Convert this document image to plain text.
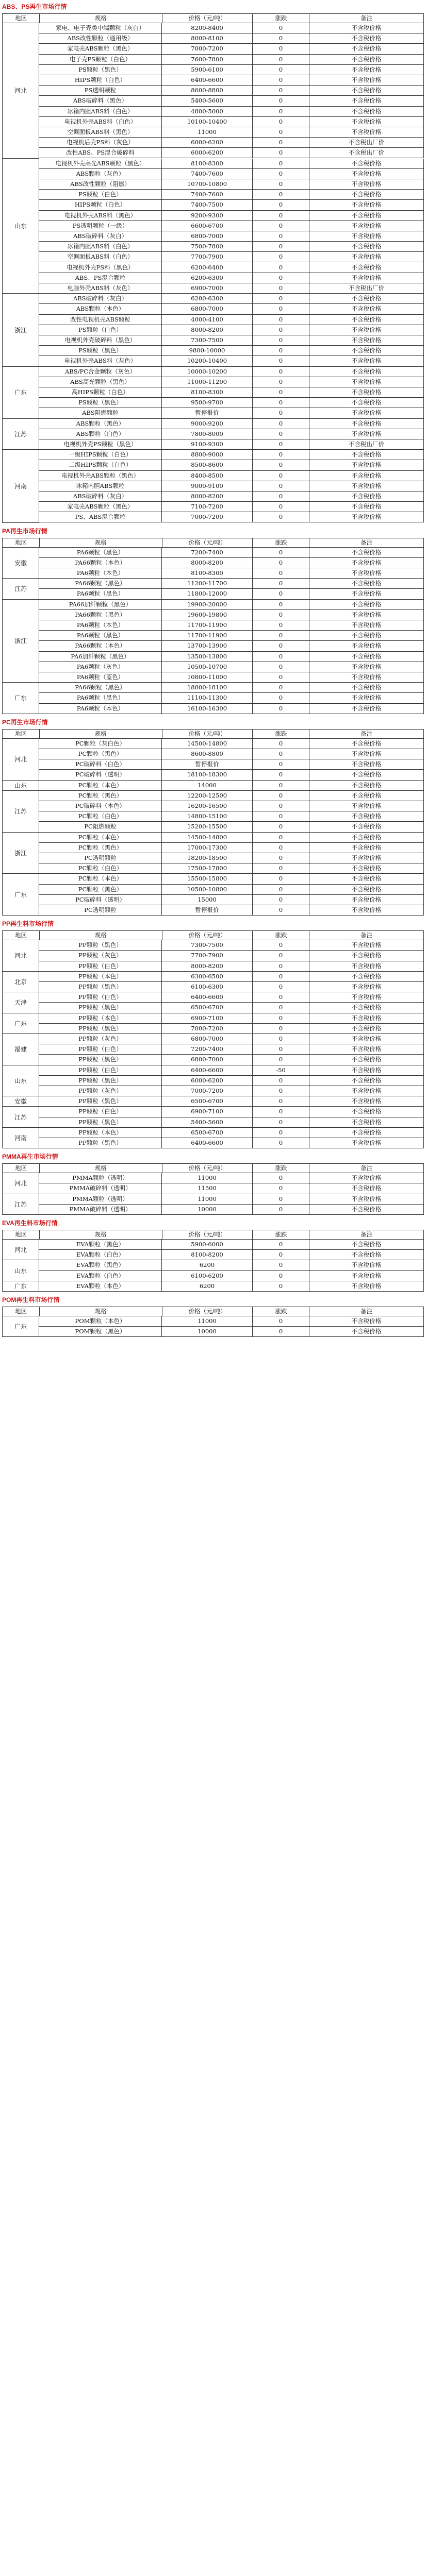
ABS、PS再生市场行情
地区	规格	价格（元/吨）	涨跌	备注
河北
家电、电子壳类中端颗粒（灰白）	8200-8400	0	不含税价格
ABS改性颗粒（通用级）	8000-8100	0	不含税价格
家电壳ABS颗粒（黑色）	7000-7200	0	不含税价格
电子壳PS颗粒（白色）	7600-7800	0	不含税价格
PS颗粒（黑色）	5900-6100	0	不含税价格
HIPS颗粒（白色）	6400-6600	0	不含税价格
PS透明颗粒	8600-8800	0	不含税价格
ABS破碎料（黑色）	5400-5600	0	不含税价格
冰箱内胆ABS料（白色）	4800-5000	0	不含税价格
电视机外壳ABS料（白色）	10100-10400	0	不含税价格
空调面板ABS料（黑色）	11000	0	不含税价格
电视机后壳PS料（灰色）	6000-6200	0	不含税出厂价
改性ABS、PS混合破碎料	6000-6200	0	不含税出厂价
山东
电视机外壳高光ABS颗粒（黑色）	8100-8300	0	不含税价格
ABS颗粒（灰色）	7400-7600	0	不含税价格
ABS改性颗粒（阻燃）	10700-10800	0	不含税价格
PS颗粒（白色）	7400-7600	0	不含税价格
HIPS颗粒（白色）	7400-7500	0	不含税价格
电视机外壳ABS料（黑色）	9200-9300	0	不含税价格
PS透明颗粒（一级）	6600-6700	0	不含税价格
ABS破碎料（灰白）	6800-7000	0	不含税价格
冰箱内胆ABS料（白色）	7500-7800	0	不含税价格
空调面板ABS料（白色）	7700-7900	0	不含税价格
电视机外壳PS料（黑色）	6200-6400	0	不含税价格
ABS、PS混合颗粒	6200-6300	0	不含税价格
电脑外壳ABS料（灰色）	6900-7000	0	不含税出厂价
浙江
ABS破碎料（灰白）	6200-6300	0	不含税价格
ABS颗粒（本色）	6800-7000	0	不含税价格
改性电视机壳ABS颗粒	4000-4100	0	不含税价格
PS颗粒（白色）	8000-8200	0	不含税价格
电视机外壳破碎料（黑色）	7300-7500	0	不含税价格
PS颗粒（黑色）	9800-10000	0	不含税价格
电视机外壳ABS料（灰色）	10200-10400	0	不含税价格
广东
ABS/PC合金颗粒（灰色）	10000-10200	0	不含税价格
ABS高光颗粒（黑色）	11000-11200	0	不含税价格
高HIPS颗粒（白色）	8100-8300	0	不含税价格
PS颗粒（黑色）	9500-9700	0	不含税价格
ABS阻燃颗粒	暂停报价	0	不含税价格
江苏
ABS颗粒（黑色）	9000-9200	0	不含税价格
ABS颗粒（白色）	7800-8000	0	不含税价格
电视机外壳PS颗粒（黑色）	9100-9300	0	不含税出厂价
河南
一级HIPS颗粒（白色）	8800-9000	0	不含税价格
二级HIPS颗粒（白色）	8500-8600	0	不含税价格
电视机外壳ABS颗粒（黑色）	8400-8500	0	不含税价格
冰箱内胆ABS颗粒	9000-9100	0	不含税价格
ABS破碎料（灰白）	8000-8200	0	不含税价格
家电壳ABS颗粒（黑色）	7100-7200	0	不含税价格
PS、ABS混合颗粒	7000-7200	0	不含税价格
PA再生市场行情
地区	规格	价格（元/吨）	涨跌	备注
安徽
PA6颗粒（黑色）	7200-7400	0	不含税价格
PA66颗粒（本色）	8000-8200	0	不含税价格
PA6颗粒（本色）	8100-8300	0	不含税价格
江苏
PA66颗粒（黑色）	11200-11700	0	不含税价格
PA6颗粒（黑色）	11800-12000	0	不含税价格
浙江
PA66加纤颗粒（黑色）	19900-20000	0	不含税价格
PA66颗粒（黑色）	19600-19800	0	不含税价格
PA6颗粒（本色）	11700-11900	0	不含税价格
PA6颗粒（黑色）	11700-11900	0	不含税价格
PA66颗粒（本色）	13700-13900	0	不含税价格
PA6加纤颗粒（黑色）	13500-13800	0	不含税价格
PA6颗粒（灰色）	10500-10700	0	不含税价格
PA6颗粒（蓝色）	10800-11000	0	不含税价格
广东
PA66颗粒（黑色）	18000-18100	0	不含税价格
PA6颗粒（黑色）	11100-11300	0	不含税价格
PA6颗粒（本色）	16100-16300	0	不含税价格
PC再生市场行情
地区	规格	价格（元/吨）	涨跌	备注
河北
PC颗粒（灰白色）	14500-14800	0	不含税价格
PC颗粒（黑色）	8600-8800	0	不含税价格
PC破碎料（白色）	暂停报价	0	不含税价格
PC破碎料（透明）	18100-18300	0	不含税价格
山东	PC颗粒（本色）	14000	0	不含税价格
江苏
PC颗粒（黑色）	12200-12500	0	不含税价格
PC破碎料（本色）	16200-16500	0	不含税价格
PC颗粒（白色）	14800-15100	0	不含税价格
PC阻燃颗粒	15200-15500	0	不含税价格
浙江
PC颗粒（本色）	14500-14800	0	不含税价格
PC颗粒（黑色）	17000-17300	0	不含税价格
PC透明颗粒	18200-18500	0	不含税价格
PC颗粒（白色）	17500-17800	0	不含税价格
广东
PC颗粒（本色）	15500-15800	0	不含税价格
PC颗粒（黑色）	10500-10800	0	不含税价格
PC破碎料（透明）	15000	0	不含税价格
PC透明颗粒	暂停报价	0	不含税价格
PP再生料市场行情
地区	规格	价格（元/吨）	涨跌	备注
河北
PP颗粒（黑色）	7300-7500	0	不含税价格
PP颗粒（灰色）	7700-7900	0	不含税价格
PP颗粒（白色）	8000-8200	0	不含税价格
北京
PP颗粒（本色）	6300-6500	0	不含税价格
PP颗粒（黑色）	6100-6300	0	不含税价格
天津
PP颗粒（白色）	6400-6600	0	不含税价格
PP颗粒（黑色）	6500-6700	0	不含税价格
广东
PP颗粒（本色）	6900-7100	0	不含税价格
PP颗粒（黑色）	7000-7200	0	不含税价格
福建
PP颗粒（灰色）	6800-7000	0	不含税价格
PP颗粒（白色）	7200-7400	0	不含税价格
PP颗粒（黑色）	6800-7000	0	不含税价格
山东
PP颗粒（白色）	6400-6600	-50	不含税价格
PP颗粒（黑色）	6000-6200	0	不含税价格
PP颗粒（灰色）	7000-7200	0	不含税价格
安徽	PP颗粒（黑色）	6500-6700	0	不含税价格
江苏
PP颗粒（白色）	6900-7100	0	不含税价格
PP颗粒（黑色）	5400-5600	0	不含税价格
河南
PP颗粒（本色）	6500-6700	0	不含税价格
PP颗粒（黑色）	6400-6600	0	不含税价格
PMMA再生市场行情
地区	规格	价格（元/吨）	涨跌	备注
河北
PMMA颗粒（透明）	11000	0	不含税价格
PMMA破碎料（透明）	11500	0	不含税价格
江苏
PMMA颗粒（透明）	11000	0	不含税价格
PMMA破碎料（透明）	10000	0	不含税价格
EVA再生料市场行情
地区	规格	价格（元/吨）	涨跌	备注
河北
EVA颗粒（黑色）	5900-6000	0	不含税价格
EVA颗粒（白色）	8100-8200	0	不含税价格
山东
EVA颗粒（黑色）	6200	0	不含税价格
EVA颗粒（白色）	6100-6200	0	不含税价格
广东	EVA颗粒（本色）	6200	0	不含税价格
POM再生料市场行情
地区	规格	价格（元/吨）	涨跌	备注
广东
POM颗粒（本色）	11000	0	不含税价格
POM颗粒（黑色）	10000	0	不含税价格
